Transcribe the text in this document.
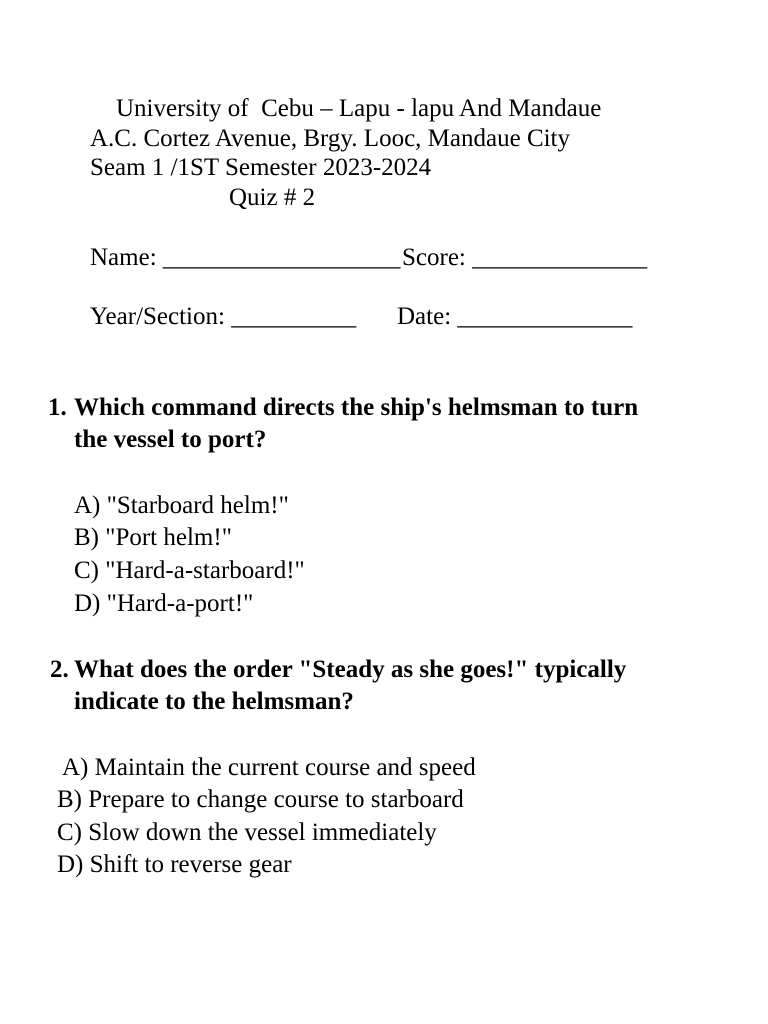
University of  Cebu – Lapu - lapu And Mandaue
A.C. Cortez Avenue, Brgy. Looc, Mandaue City
Seam 1 /1ST Semester 2023-2024
Quiz # 2
Name: ___________________ Score: ______________
Year/Section: __________ Date: ______________
1. Which command directs the ship's helmsman to turn
the vessel to port?
A) "Starboard helm!"
B) "Port helm!"
C) "Hard-a-starboard!"
D) "Hard-a-port!"
2. What does the order "Steady as she goes!" typically
indicate to the helmsman?
A) Maintain the current course and speed
B) Prepare to change course to starboard
C) Slow down the vessel immediately
D) Shift to reverse gear
